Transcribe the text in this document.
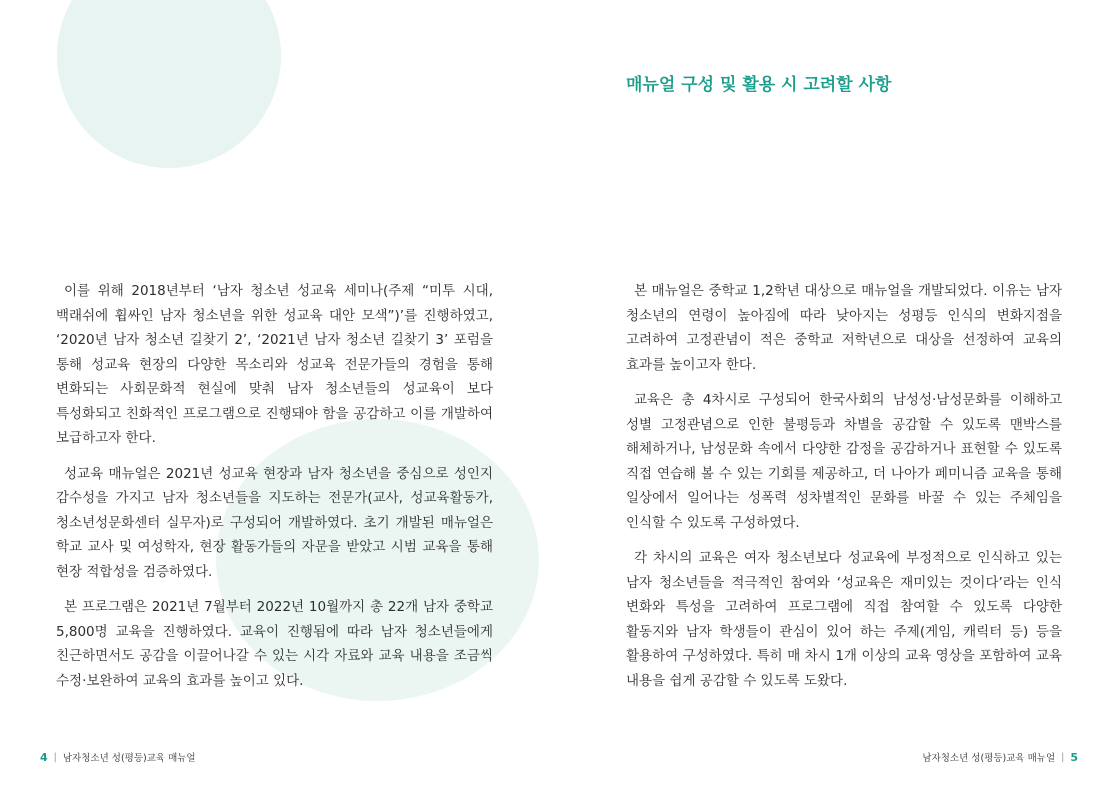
매뉴얼 구성 및 활용 시 고려할 사항

이를 위해 2018년부터 ‘남자 청소년 성교육 세미나(주제 “미투 시대, 백래쉬에 휩싸인 남자 청소년을 위한 성교육 대안 모색”)’를 진행하였고, ‘2020년 남자 청소년 길찾기 2’, ‘2021년 남자 청소년 길찾기 3’ 포럼을 통해 성교육 현장의 다양한 목소리와 성교육 전문가들의 경험을 통해 변화되는 사회문화적 현실에 맞춰 남자 청소년들의 성교육이 보다 특성화되고 친화적인 프로그램으로 진행돼야 함을 공감하고 이를 개발하여 보급하고자 한다.

성교육 매뉴얼은 2021년 성교육 현장과 남자 청소년을 중심으로 성인지 감수성을 가지고 남자 청소년들을 지도하는 전문가(교사, 성교육활동가, 청소년성문화센터 실무자)로 구성되어 개발하였다. 초기 개발된 매뉴얼은 학교 교사 및 여성학자, 현장 활동가들의 자문을 받았고 시범 교육을 통해 현장 적합성을 검증하였다.

본 프로그램은 2021년 7월부터 2022년 10월까지 총 22개 남자 중학교 5,800명 교육을 진행하였다. 교육이 진행됨에 따라 남자 청소년들에게 친근하면서도 공감을 이끌어나갈 수 있는 시각 자료와 교육 내용을 조금씩 수정·보완하여 교육의 효과를 높이고 있다.

본 매뉴얼은 중학교 1,2학년 대상으로 매뉴얼을 개발되었다. 이유는 남자 청소년의 연령이 높아짐에 따라 낮아지는 성평등 인식의 변화지점을 고려하여 고정관념이 적은 중학교 저학년으로 대상을 선정하여 교육의 효과를 높이고자 한다.

교육은 총 4차시로 구성되어 한국사회의 남성성·남성문화를 이해하고 성별 고정관념으로 인한 불평등과 차별을 공감할 수 있도록 맨박스를 해체하거나, 남성문화 속에서 다양한 감정을 공감하거나 표현할 수 있도록 직접 연습해 볼 수 있는 기회를 제공하고, 더 나아가 페미니즘 교육을 통해 일상에서 일어나는 성폭력 성차별적인 문화를 바꿀 수 있는 주체임을 인식할 수 있도록 구성하였다.

각 차시의 교육은 여자 청소년보다 성교육에 부정적으로 인식하고 있는 남자 청소년들을 적극적인 참여와 ‘성교육은 재미있는 것이다’라는 인식 변화와 특성을 고려하여 프로그램에 직접 참여할 수 있도록 다양한 활동지와 남자 학생들이 관심이 있어 하는 주제(게임, 캐릭터 등) 등을 활용하여 구성하였다. 특히 매 차시 1개 이상의 교육 영상을 포함하여 교육 내용을 쉽게 공감할 수 있도록 도왔다.

4 | 남자청소년 성(평등)교육 매뉴얼	남자청소년 성(평등)교육 매뉴얼 | 5
